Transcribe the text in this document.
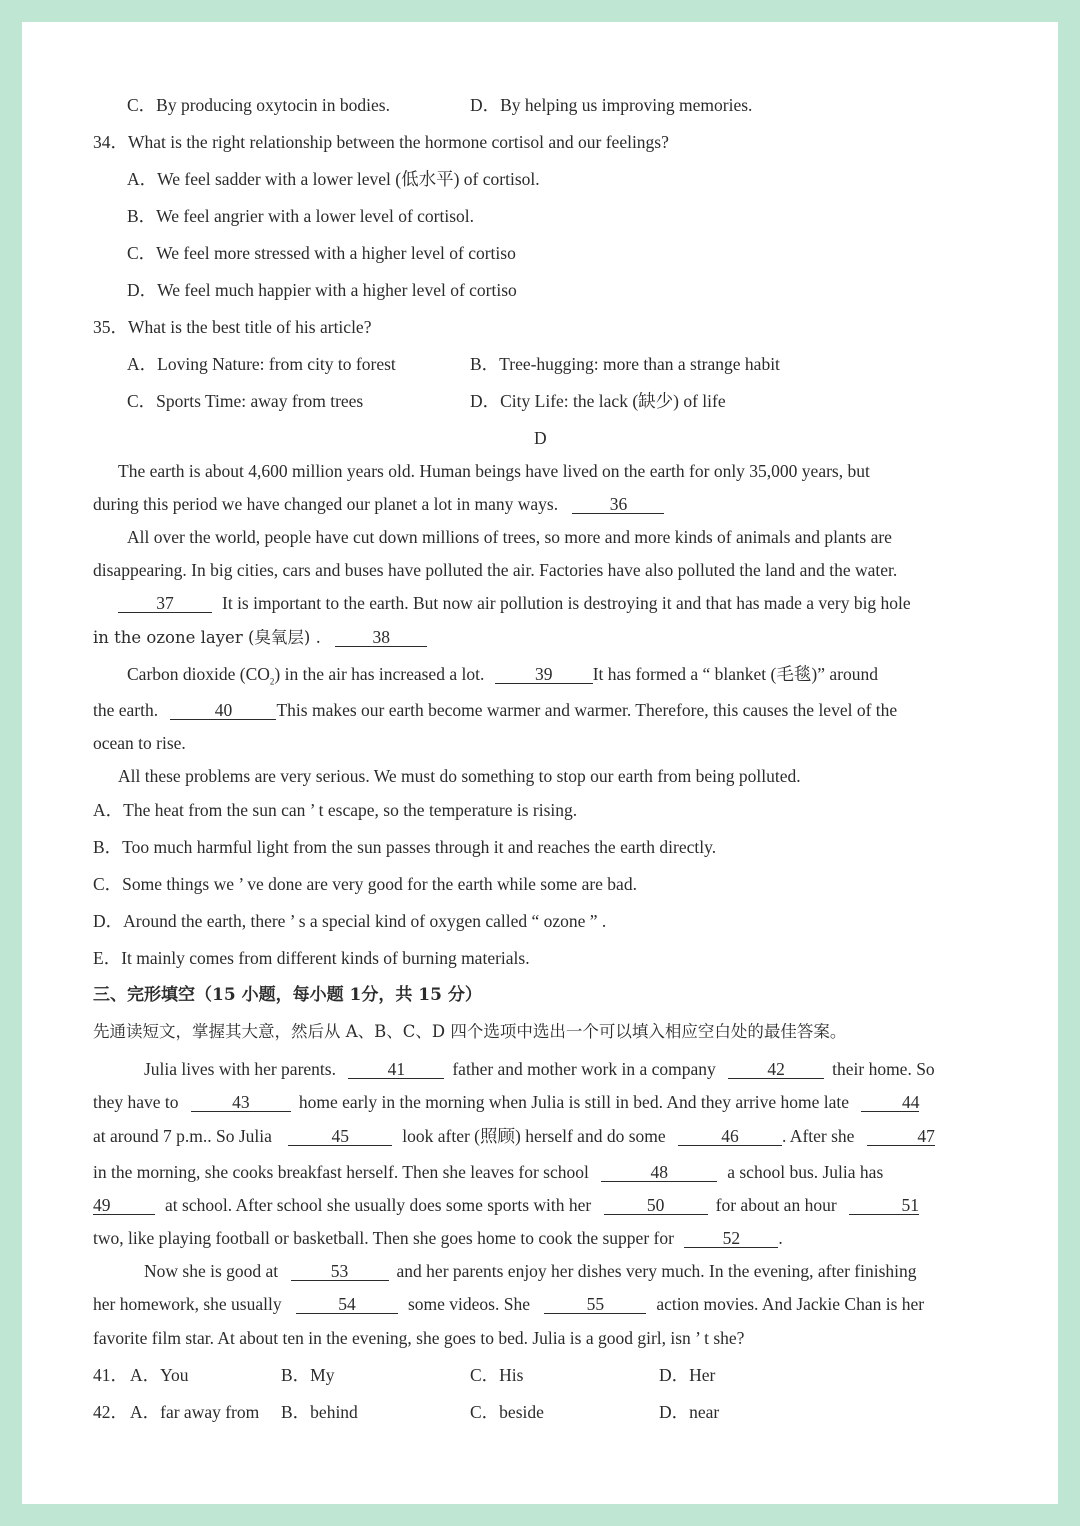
C．By producing oxytocin in bodies.	D．By helping us improving memories.
34．What is the right relationship between the hormone cortisol and our feelings?
A．We feel sadder with a lower level (低水平) of cortisol.
B．We feel angrier with a lower level of cortisol.
C．We feel more stressed with a higher level of cortiso
D．We feel much happier with a higher level of cortiso
35．What is the best title of his article?
A．Loving Nature: from city to forest	B．Tree-hugging: more than a strange habit
C．Sports Time: away from trees	D．City Life: the lack (缺少) of life
D
The earth is about 4,600 million years old. Human beings have lived on the earth for only 35,000 years, but
during this period we have changed our planet a lot in many ways.	36
All over the world, people have cut down millions of trees, so more and more kinds of animals and plants are
disappearing. In big cities, cars and buses have polluted the air. Factories have also polluted the land and the water.
37	It is important to the earth. But now air pollution is destroying it and that has made a very big hole
in the ozone layer (臭氧层) .	38
Carbon dioxide $(CO_2)$ in the air has increased a lot.	39 It has formed a “ blanket (毛毯)” around
the earth.	40	This makes our earth become warmer and warmer. Therefore, this causes the level of the
ocean to rise.
All these problems are very serious. We must do something to stop our earth from being polluted.
A．The heat from the sun can ’ t escape, so the temperature is rising.
B．Too much harmful light from the sun passes through it and reaches the earth directly.
C．Some things we ’ ve done are very good for the earth while some are bad.
D．Around the earth, there ’ s a special kind of oxygen called “ ozone ” .
E．It mainly comes from different kinds of burning materials.
三、完形填空（15 小题，每小题 1分，共 15 分）
先通读短文，掌握其大意，然后从 A、B、C、D 四个选项中选出一个可以填入相应空白处的最佳答案。
Julia lives with her parents.	41	father and mother work in a company	42	their home. So
they have to	43	home early in the morning when Julia is still in bed. And they arrive home late	44
at around 7 p.m.. So Julia	45	look after (照顾) herself and do some	46 . After she	47
in the morning, she cooks breakfast herself. Then she leaves for school	48	a school bus. Julia has
49	at school. After school she usually does some sports with her	50	for about an hour	51
two, like playing football or basketball. Then she goes home to cook the supper for	52 .
Now she is good at	53	and her parents enjoy her dishes very much. In the evening, after finishing
her homework, she usually	54	some videos. She	55	action movies. And Jackie Chan is her
favorite film star. At about ten in the evening, she goes to bed. Julia is a good girl, isn ’ t she?
41． A．You	B．My	C．His	D．Her
42． A．far away from B．behind	C．beside	D．near
